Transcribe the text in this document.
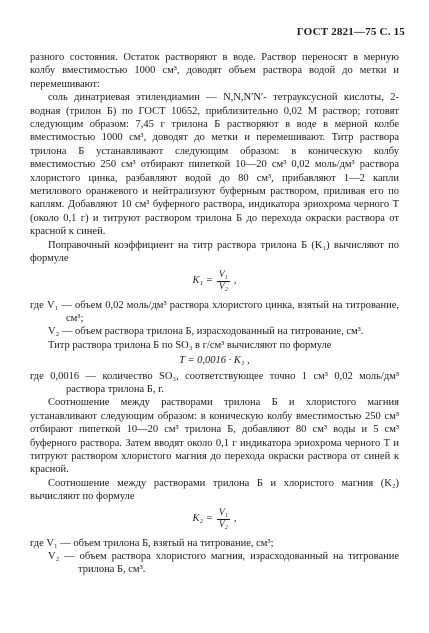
ГОСТ 2821—75 С. 15

разного состояния. Остаток растворяют в воде. Раствор переносят в мерную колбу вместимостью 1000 см³, доводят объем раствора водой до метки и перемешивают:

соль динатриевая этилендиамин — N,N,N′N′- тетрауксусной кислоты, 2-водная (трилон Б) по ГОСТ 10652, приблизительно 0,02 М раствор; готовят следующим образом: 7,45 г трилона Б растворяют в воде в мерной колбе вместимостью 1000 см³, доводят до метки и перемешивают. Титр раствора трилона Б устанавливают следующим образом: в коническую колбу вместимостью 250 см³ отбирают пипеткой 10—20 см³ 0,02 моль/дм³ раствора хлористого цинка, разбавляют водой до 80 см³, прибавляют 1—2 капли метилового оранжевого и нейтрализуют буферным раствором, приливая его по каплям. Добавляют 10 см³ буферного раствора, индикатора эриохрома черного Т (около 0,1 г) и титруют раствором трилона Б до перехода окраски раствора от красной к синей.

Поправочный коэффициент на титр раствора трилона Б (K₁) вычисляют по формуле

$K_1 = \frac{\text{V₁}}{\text{V₂}}$ ,

где V₁ — объем 0,02 моль/дм³ раствора хлористого цинка, взятый на титрование, см³;

V₂ — объем раствора трилона Б, израсходованный на титрование, см³.

Титр раствора трилона Б по SO₃ в г/см³ вычисляют по формуле

T = 0,0016 · K₁ ,

где 0,0016 — количество SO₃, соответствующее точно 1 см³ 0,02 моль/дм³ раствора трилона Б, г.

Соотношение между растворами трилона Б и хлористого магния устанавливают следующим образом: в коническую колбу вместимостью 250 см³ отбирают пипеткой 10—20 см³ трилона Б, добавляют 80 см³ воды и 5 см³ буферного раствора. Затем вводят около 0,1 г индикатора эриохрома черного Т и титруют раствором хлористого магния до перехода окраски раствора от синей к красной.

Соотношение между растворами трилона Б и хлористого магния (K₂) вычисляют по формуле

$K_2 = \frac{\text{V₁}}{\text{V₂}}$ ,

где V₁ — объем трилона Б, взятый на титрование, см³;

V₂ — объем раствора хлористого магния, израсходованный на титрование трилона Б, см³.
